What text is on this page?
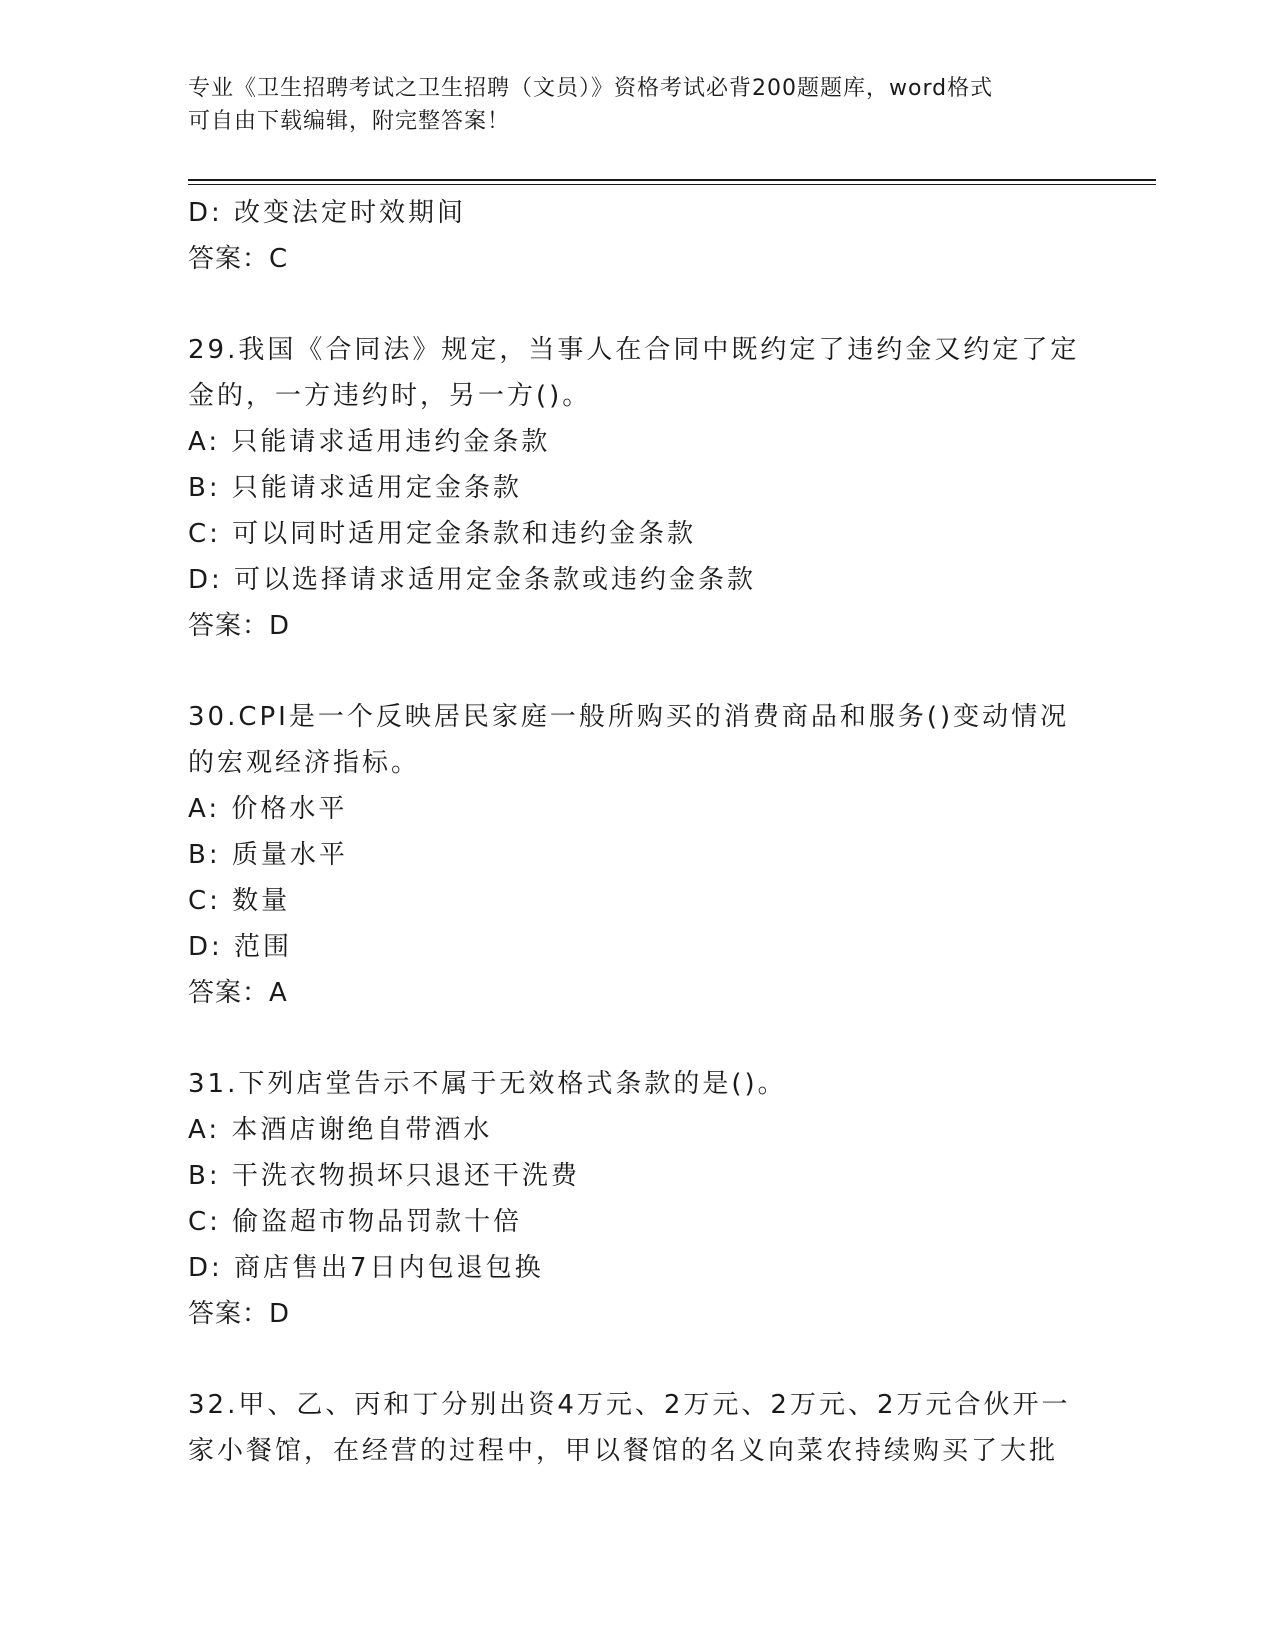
专业《卫生招聘考试之卫生招聘（文员）》资格考试必背200题题库，word格式
可自由下载编辑，附完整答案！
D: 改变法定时效期间
答案：C
29.我国《合同法》规定，当事人在合同中既约定了违约金又约定了定
金的，一方违约时，另一方()。
A: 只能请求适用违约金条款
B: 只能请求适用定金条款
C: 可以同时适用定金条款和违约金条款
D: 可以选择请求适用定金条款或违约金条款
答案：D
30.CPI是一个反映居民家庭一般所购买的消费商品和服务()变动情况
的宏观经济指标。
A: 价格水平
B: 质量水平
C: 数量
D: 范围
答案：A
31.下列店堂告示不属于无效格式条款的是()。
A: 本酒店谢绝自带酒水
B: 干洗衣物损坏只退还干洗费
C: 偷盗超市物品罚款十倍
D: 商店售出7日内包退包换
答案：D
32.甲、乙、丙和丁分别出资4万元、2万元、2万元、2万元合伙开一
家小餐馆，在经营的过程中，甲以餐馆的名义向菜农持续购买了大批
